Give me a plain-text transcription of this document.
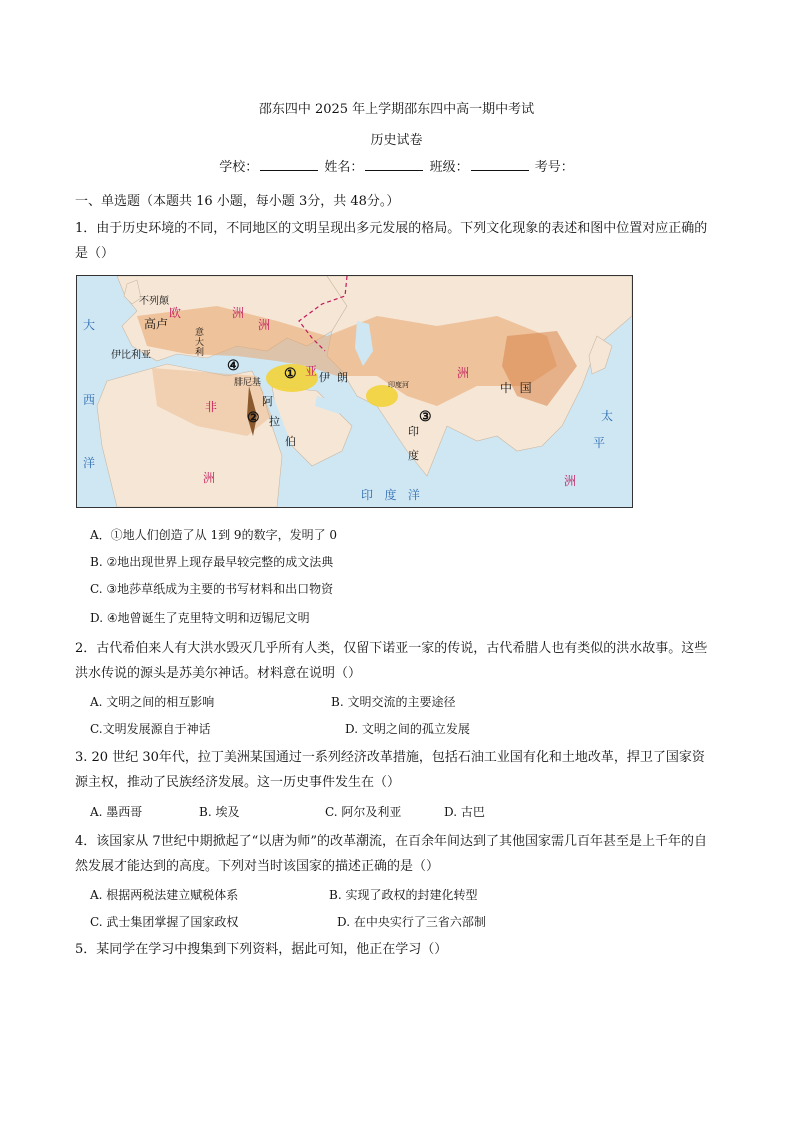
邵东四中 2025 年上学期邵东四中高一期中考试
历史试卷
学校：	姓名：	班级：	考号：
一、单选题（本题共 16 小题，每小题 3分，共 48分。）
1．由于历史环境的不同，不同地区的文明呈现出多元发展的格局。下列文化现象的表述和图中位置对应正确的是（）
不列颠
欧	洲
高卢
意
大
利
伊比利亚
大
西
洋
亚
非
洲
洲
腓尼基
阿
拉
伯
伊  朗
印
度
印度河	中  国
太
平
印   度   洋
洲
洲
①
②	③
④
A．①地人们创造了从 1到 9的数字，发明了 0
B. ②地出现世界上现存最早较完整的成文法典
C. ③地莎草纸成为主要的书写材料和出口物资
D. ④地曾诞生了克里特文明和迈锡尼文明
2．古代希伯来人有大洪水毁灭几乎所有人类，仅留下诺亚一家的传说，古代希腊人也有类似的洪水故事。这些洪水传说的源头是苏美尔神话。材料意在说明（）
A. 文明之间的相互影响	B. 文明交流的主要途径
C.文明发展源自于神话	D. 文明之间的孤立发展
3. 20 世纪 30年代，拉丁美洲某国通过一系列经济改革措施，包括石油工业国有化和土地改革，捍卫了国家资源主权，推动了民族经济发展。这一历史事件发生在（）
A. 墨西哥	B. 埃及	C. 阿尔及利亚	D. 古巴
4．该国家从 7世纪中期掀起了“以唐为师”的改革潮流，在百余年间达到了其他国家需几百年甚至是上千年的自然发展才能达到的高度。下列对当时该国家的描述正确的是（）
A. 根据两税法建立赋税体系	B. 实现了政权的封建化转型
C. 武士集团掌握了国家政权	D. 在中央实行了三省六部制
5．某同学在学习中搜集到下列资料，据此可知，他正在学习（）
